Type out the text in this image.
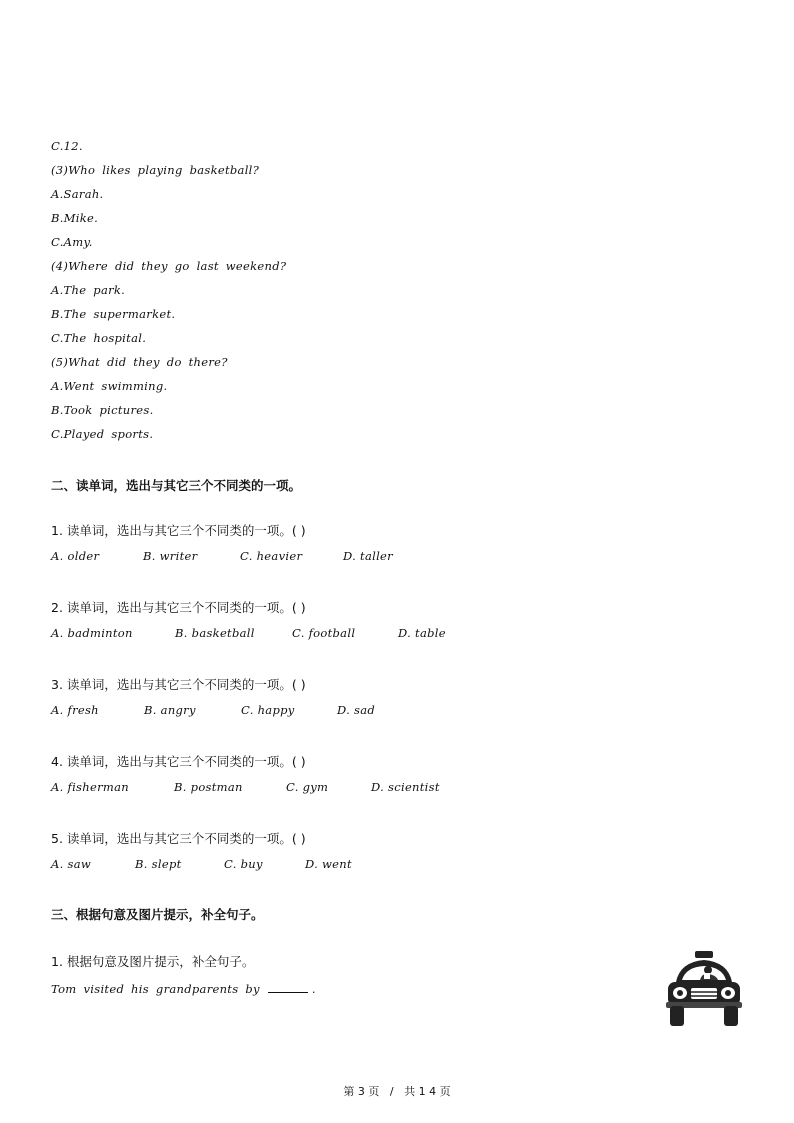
C.12.
(3)Who likes playing basketball?
A.Sarah.
B.Mike.
C.Amy.
(4)Where did they go last weekend?
A.The park.
B.The supermarket.
C.The hospital.
(5)What did they do there?
A.Went swimming.
B.Took pictures.
C.Played sports.
二、读单词，选出与其它三个不同类的一项。
1. 读单词，选出与其它三个不同类的一项。( )
A. older	B. writer	C. heavier	D. taller
2. 读单词，选出与其它三个不同类的一项。( )
A. badminton	B. basketball	C. football	D. table
3. 读单词，选出与其它三个不同类的一项。( )
A. fresh	B. angry	C. happy	D. sad
4. 读单词，选出与其它三个不同类的一项。( )
A. fisherman	B. postman	C. gym	D. scientist
5. 读单词，选出与其它三个不同类的一项。( )
A. saw	B. slept	C. buy	D. went
三、根据句意及图片提示，补全句子。
1. 根据句意及图片提示，补全句子。
Tom visited his grandparents by	.
第 3 页   /   共 1 4 页
